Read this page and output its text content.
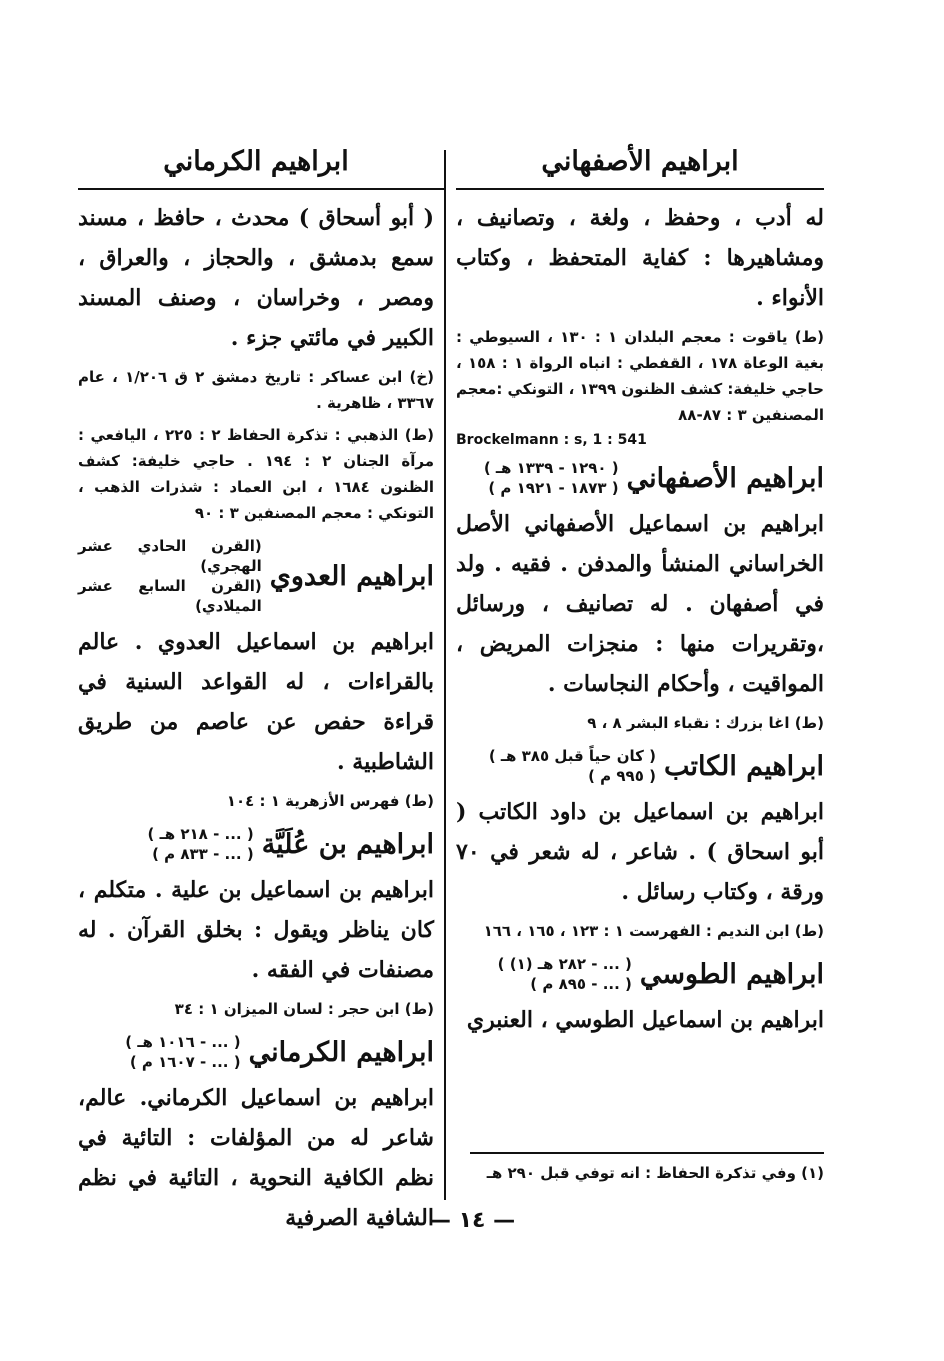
ابراهيم الأصفهاني
ابراهيم الكرماني

له أدب ، وحفظ ، ولغة ، وتصانيف ، ومشاهيرها : كفاية المتحفظ ، وكتاب الأنواء .

(ط) ياقوت : معجم البلدان ١ : ١٣٠ ، السيوطي : بغية الوعاة ١٧٨ ، القفطي : انباه الرواة ١ : ١٥٨ ، حاجي خليفة: كشف الظنون ١٣٩٩ ، التونكي :معجم المصنفين ٣ : ٨٧-٨٨

Brockelmann : s, 1 : 541

ابراهيم الأصفهاني
( ١٢٩٠ - ١٣٣٩ هـ )
( ١٨٧٣ - ١٩٢١ م )

ابراهيم بن اسماعيل الأصفهاني الأصل الخراساني المنشأ والمدفن . فقيه . ولد في أصفهان . له تصانيف ، ورسائل ،وتقريرات منها : منجزات المريض ، المواقيت ، وأحكام النجاسات .

(ط) اغا بزرك : نقباء البشر ٨ ، ٩

ابراهيم الكاتب
( كان حياً قبل ٣٨٥ هـ )
( ٩٩٥ م )

ابراهيم بن اسماعيل بن داود الكاتب ( أبو اسحاق ) . شاعر ، له شعر في ٧٠ ورقة ، وكتاب رسائل .

(ط) ابن النديم : الفهرست ١ : ١٢٣ ، ١٦٥ ، ١٦٦

ابراهيم الطوسي
( ... - ٢٨٢ هـ (١) )
( ... - ٨٩٥ م )

ابراهيم بن اسماعيل الطوسي ، العنبري

(١) وفي تذكرة الحفاظ : انه توفي قبل ٢٩٠ هـ

( أبو أسحاق ) محدث ، حافظ ، مسند سمع بدمشق ، والحجاز ، والعراق ، ومصر ، وخراسان ، وصنف المسند الكبير في مائتي جزء .

(خ) ابن عساكر : تاريخ دمشق ٢ ق ١/٢٠٦ ، عام ٣٣٦٧ ، ظاهرية .

(ط) الذهبي : تذكرة الحفاظ ٢ : ٢٢٥ ، اليافعي : مرآة الجنان ٢ : ١٩٤ . حاجي خليفة: كشف الظنون ١٦٨٤ ، ابن العماد : شذرات الذهب ، التونكي : معجم المصنفين ٣ : ٩٠

ابراهيم العدوي
(القرن الحادي عشر الهجري)
(القرن السابع عشر الميلادي)

ابراهيم بن اسماعيل العدوي . عالم بالقراءات ، له القواعد السنية في قراءة حفص عن عاصم من طريق الشاطبية .

(ط) فهرس الأزهرية ١ : ١٠٤

ابراهيم بن عُلَيَّة
( ... - ٢١٨ هـ )
( ... - ٨٣٣ م )

ابراهيم بن اسماعيل بن علية . متكلم ، كان يناظر ويقول : بخلق القرآن . له مصنفات في الفقه .

(ط) ابن حجر : لسان الميزان ١ : ٣٤

ابراهيم الكرماني
( ... - ١٠١٦ هـ )
( ... - ١٦٠٧ م )

ابراهيم بن اسماعيل الكرماني. عالم، شاعر له من المؤلفات : التائية في نظم الكافية النحوية ، التائية في نظم الشافية الصرفية

— ١٤ —
